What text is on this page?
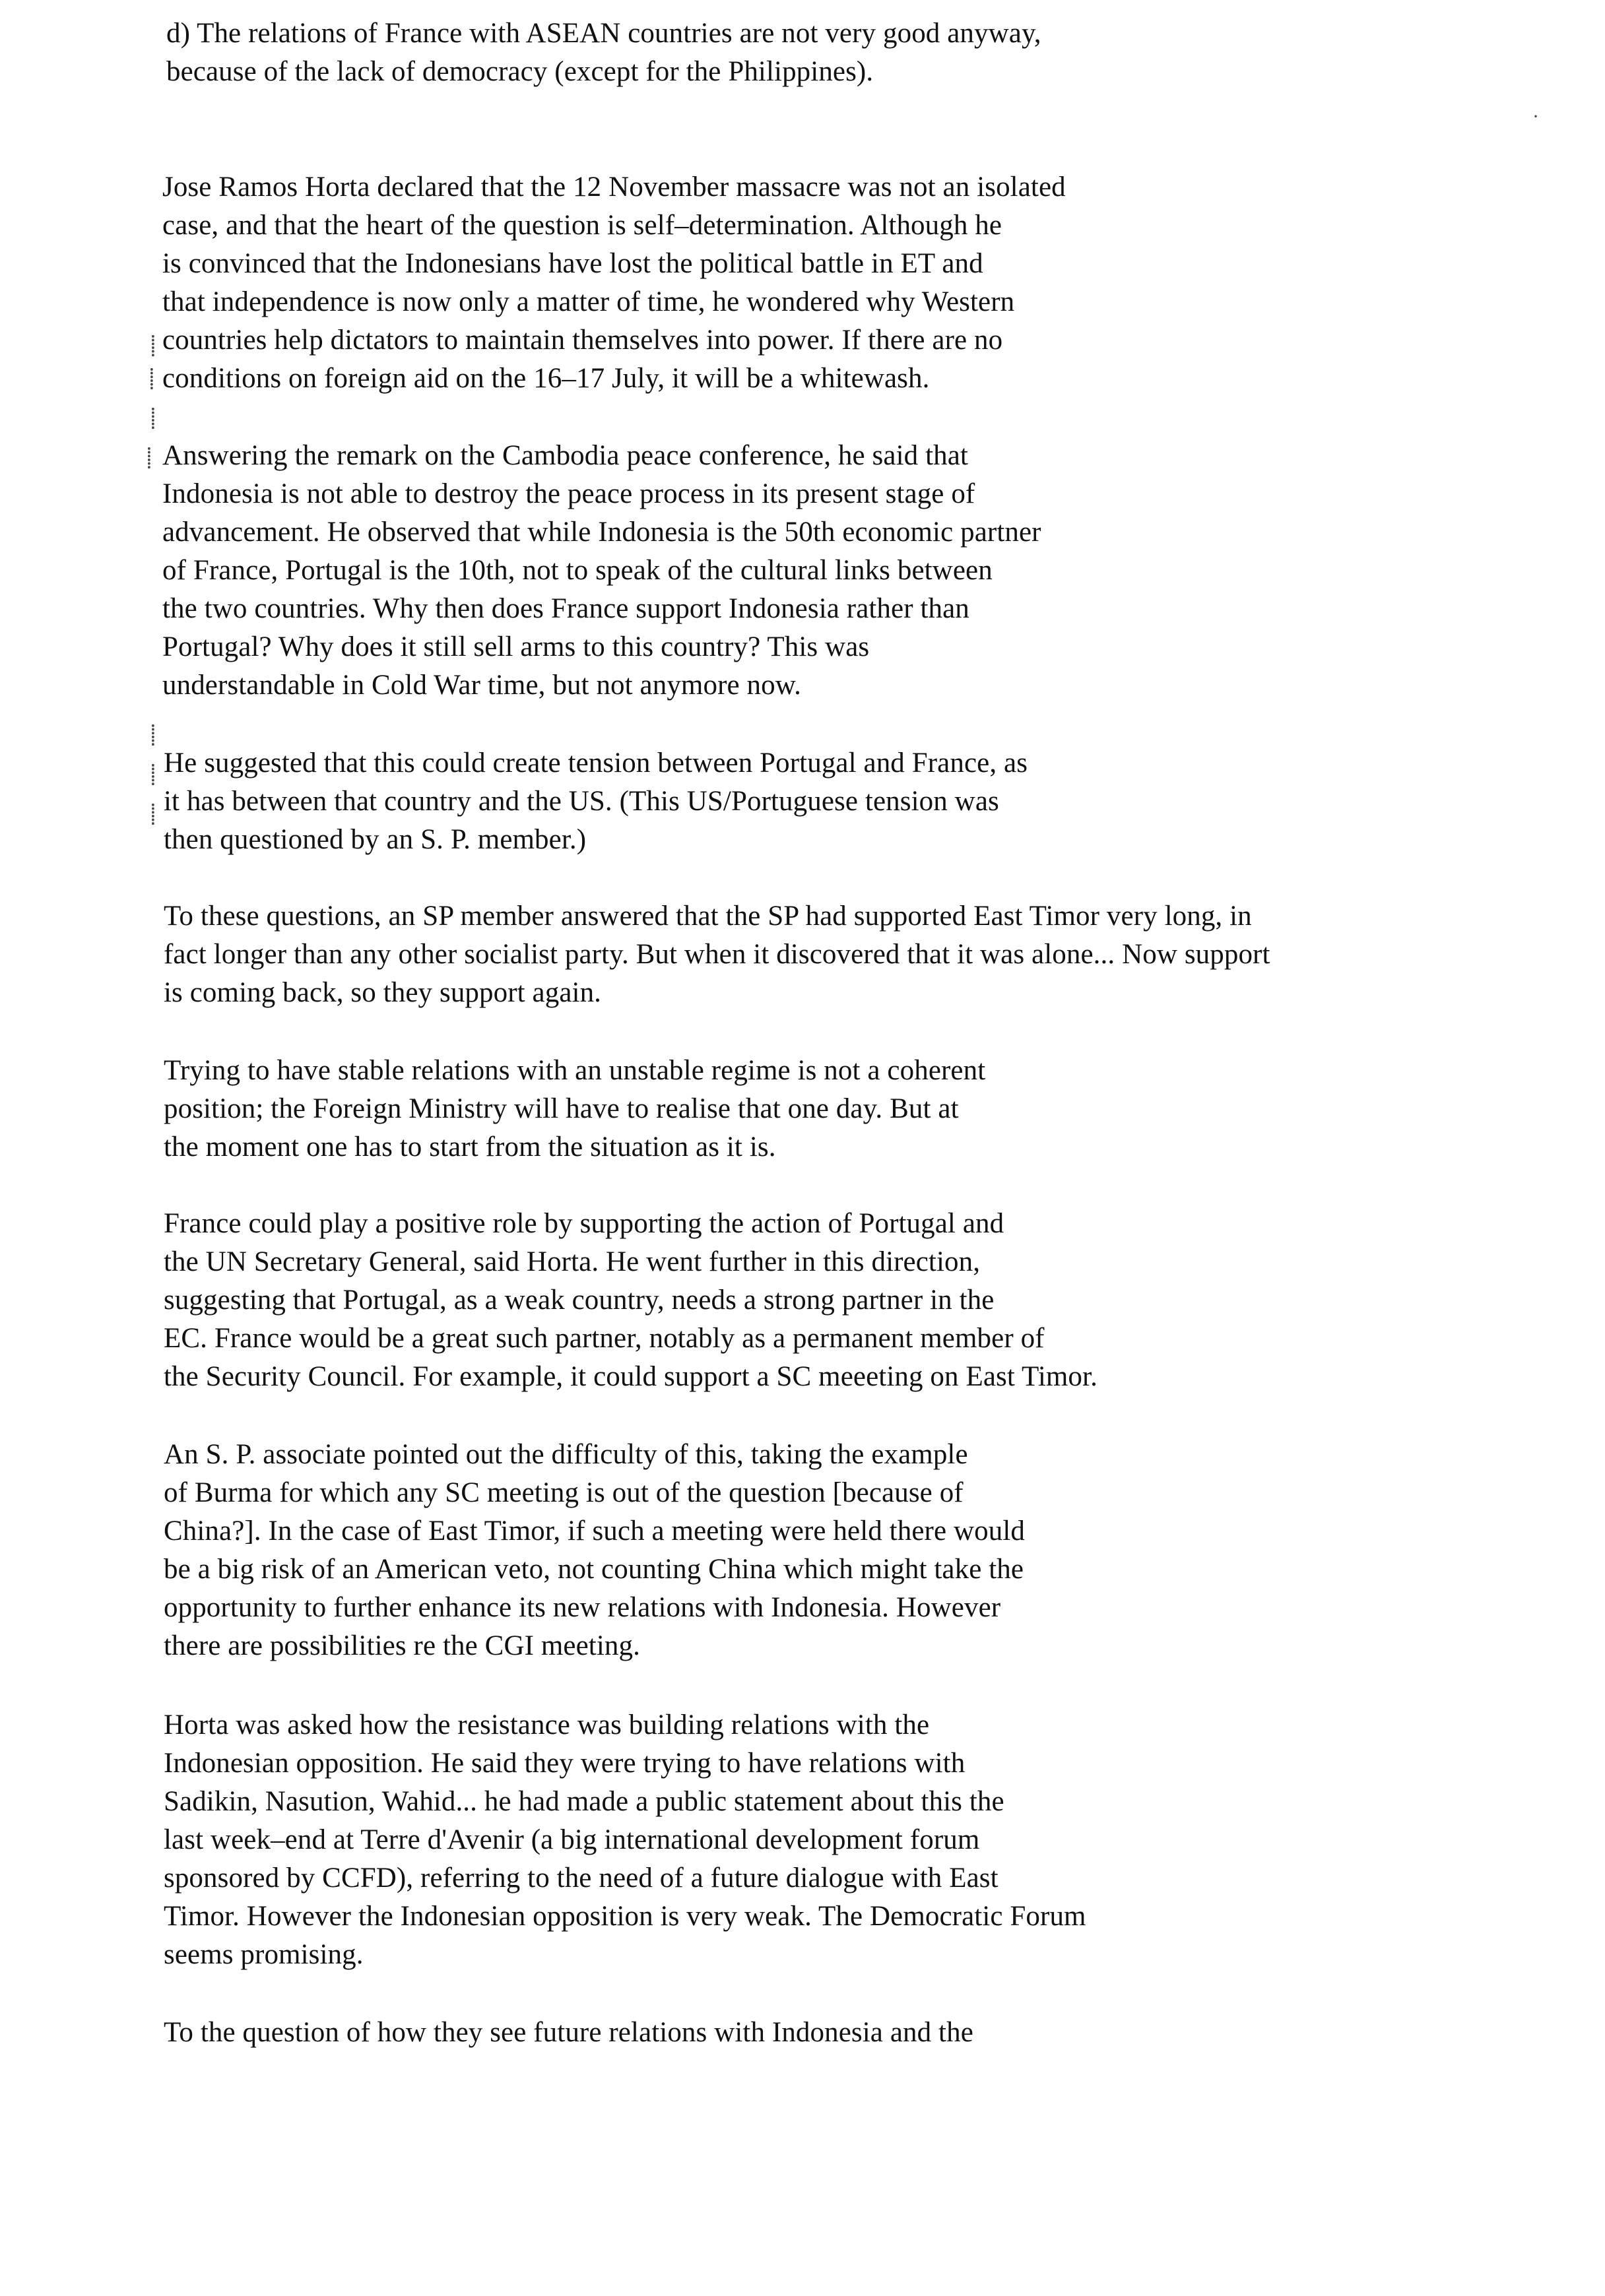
d) The relations of France with ASEAN countries are not very good anyway,
because of the lack of democracy (except for the Philippines).

Jose Ramos Horta declared that the 12 November massacre was not an isolated
case, and that the heart of the question is self–determination. Although he
is convinced that the Indonesians have lost the political battle in ET and
that independence is now only a matter of time, he wondered why Western
countries help dictators to maintain themselves into power. If there are no
conditions on foreign aid on the 16–17 July, it will be a whitewash.

Answering the remark on the Cambodia peace conference, he said that
Indonesia is not able to destroy the peace process in its present stage of
advancement. He observed that while Indonesia is the 50th economic partner
of France, Portugal is the 10th, not to speak of the cultural links between
the two countries. Why then does France support Indonesia rather than
Portugal? Why does it still sell arms to this country? This was
understandable in Cold War time, but not anymore now.

He suggested that this could create tension between Portugal and France, as
it has between that country and the US. (This US/Portuguese tension was
then questioned by an S. P. member.)

To these questions, an SP member answered that the SP had supported East Timor very long, in
fact longer than any other socialist party. But when it discovered that it was alone... Now support
is coming back, so they support again.

Trying to have stable relations with an unstable regime is not a coherent
position; the Foreign Ministry will have to realise that one day. But at
the moment one has to start from the situation as it is.

France could play a positive role by supporting the action of Portugal and
the UN Secretary General, said Horta. He went further in this direction,
suggesting that Portugal, as a weak country, needs a strong partner in the
EC. France would be a great such partner, notably as a permanent member of
the Security Council. For example, it could support a SC meeeting on East Timor.

An S. P. associate pointed out the difficulty of this, taking the example
of Burma for which any SC meeting is out of the question [because of
China?]. In the case of East Timor, if such a meeting were held there would
be a big risk of an American veto, not counting China which might take the
opportunity to further enhance its new relations with Indonesia. However
there are possibilities re the CGI meeting.

Horta was asked how the resistance was building relations with the
Indonesian opposition. He said they were trying to have relations with
Sadikin, Nasution, Wahid... he had made a public statement about this the
last week–end at Terre d'Avenir (a big international development forum
sponsored by CCFD), referring to the need of a future dialogue with East
Timor. However the Indonesian opposition is very weak. The Democratic Forum
seems promising.

To the question of how they see future relations with Indonesia and the

⸽
⸽
⸽
⸽
⸽
⸽
⸽
·
